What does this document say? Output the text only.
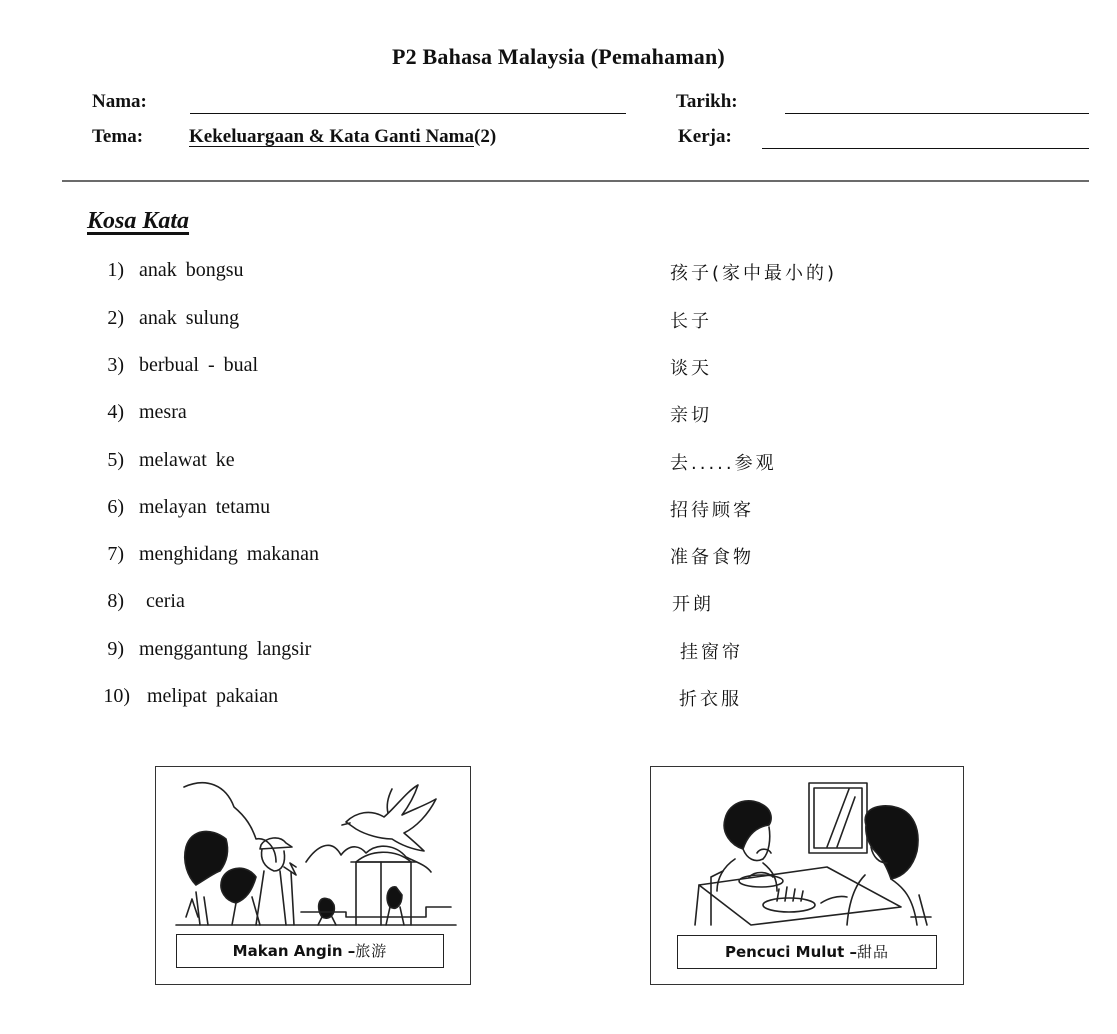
P2 Bahasa Malaysia (Pemahaman)
Nama:	Tarikh:
Tema: Kekeluargaan & Kata Ganti Nama(2)	Kerja:
Kosa Kata
1) anak bongsu	孩子(家中最小的)
2) anak sulung	长子
3) berbual - bual	谈天
4) mesra	亲切
5) melawat ke	去.....参观
6) melayan tetamu	招待顾客
7) menghidang makanan	准备食物
8) ceria	开朗
9) menggantung langsir	挂窗帘
10) melipat pakaian	折衣服
Makan Angin –旅游	Pencuci Mulut –甜品
